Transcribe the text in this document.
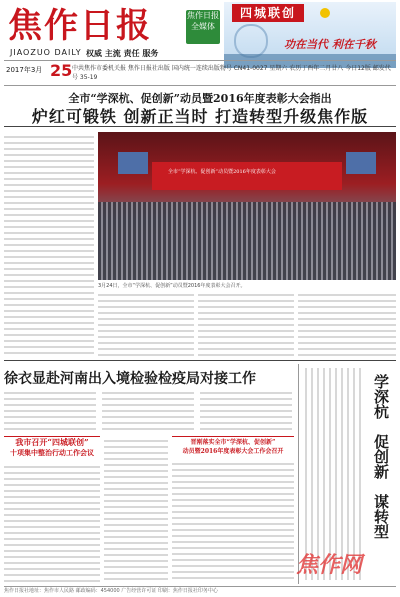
焦作日报	焦作日报 全媒体
JIAOZUO DAILY 权威 主流 责任 服务
四城联创
功在当代 利在千秋
2017年3月 25 中共焦作市委机关报 焦作日报社出版 国内统一连续出版物号 CN41-0027 星期六 农历丁酉年二月廿八 今日12版 邮发代号 35-19
全市“学深杭、促创新”动员暨2016年度表彰大会指出
炉红可锻铁 创新正当时 打造转型升级焦作版
全市“学深杭、促创新”动员暨2016年度表彰大会
3月24日，全市“学深杭、促创新”动员暨2016年度表彰大会召开。
徐衣显赴河南出入境检验检疫局对接工作
我市召开“四城联创”
十项集中整治行动工作会议
晋刚落实全市“学深杭、促创新”
动员暨2016年度表彰大会工作会召开
学深杭
促创新
谋转型
焦作网
焦作日报社地址：焦作市人民路 邮政编码：454000 广告经营许可证 印刷：焦作日报社印务中心
